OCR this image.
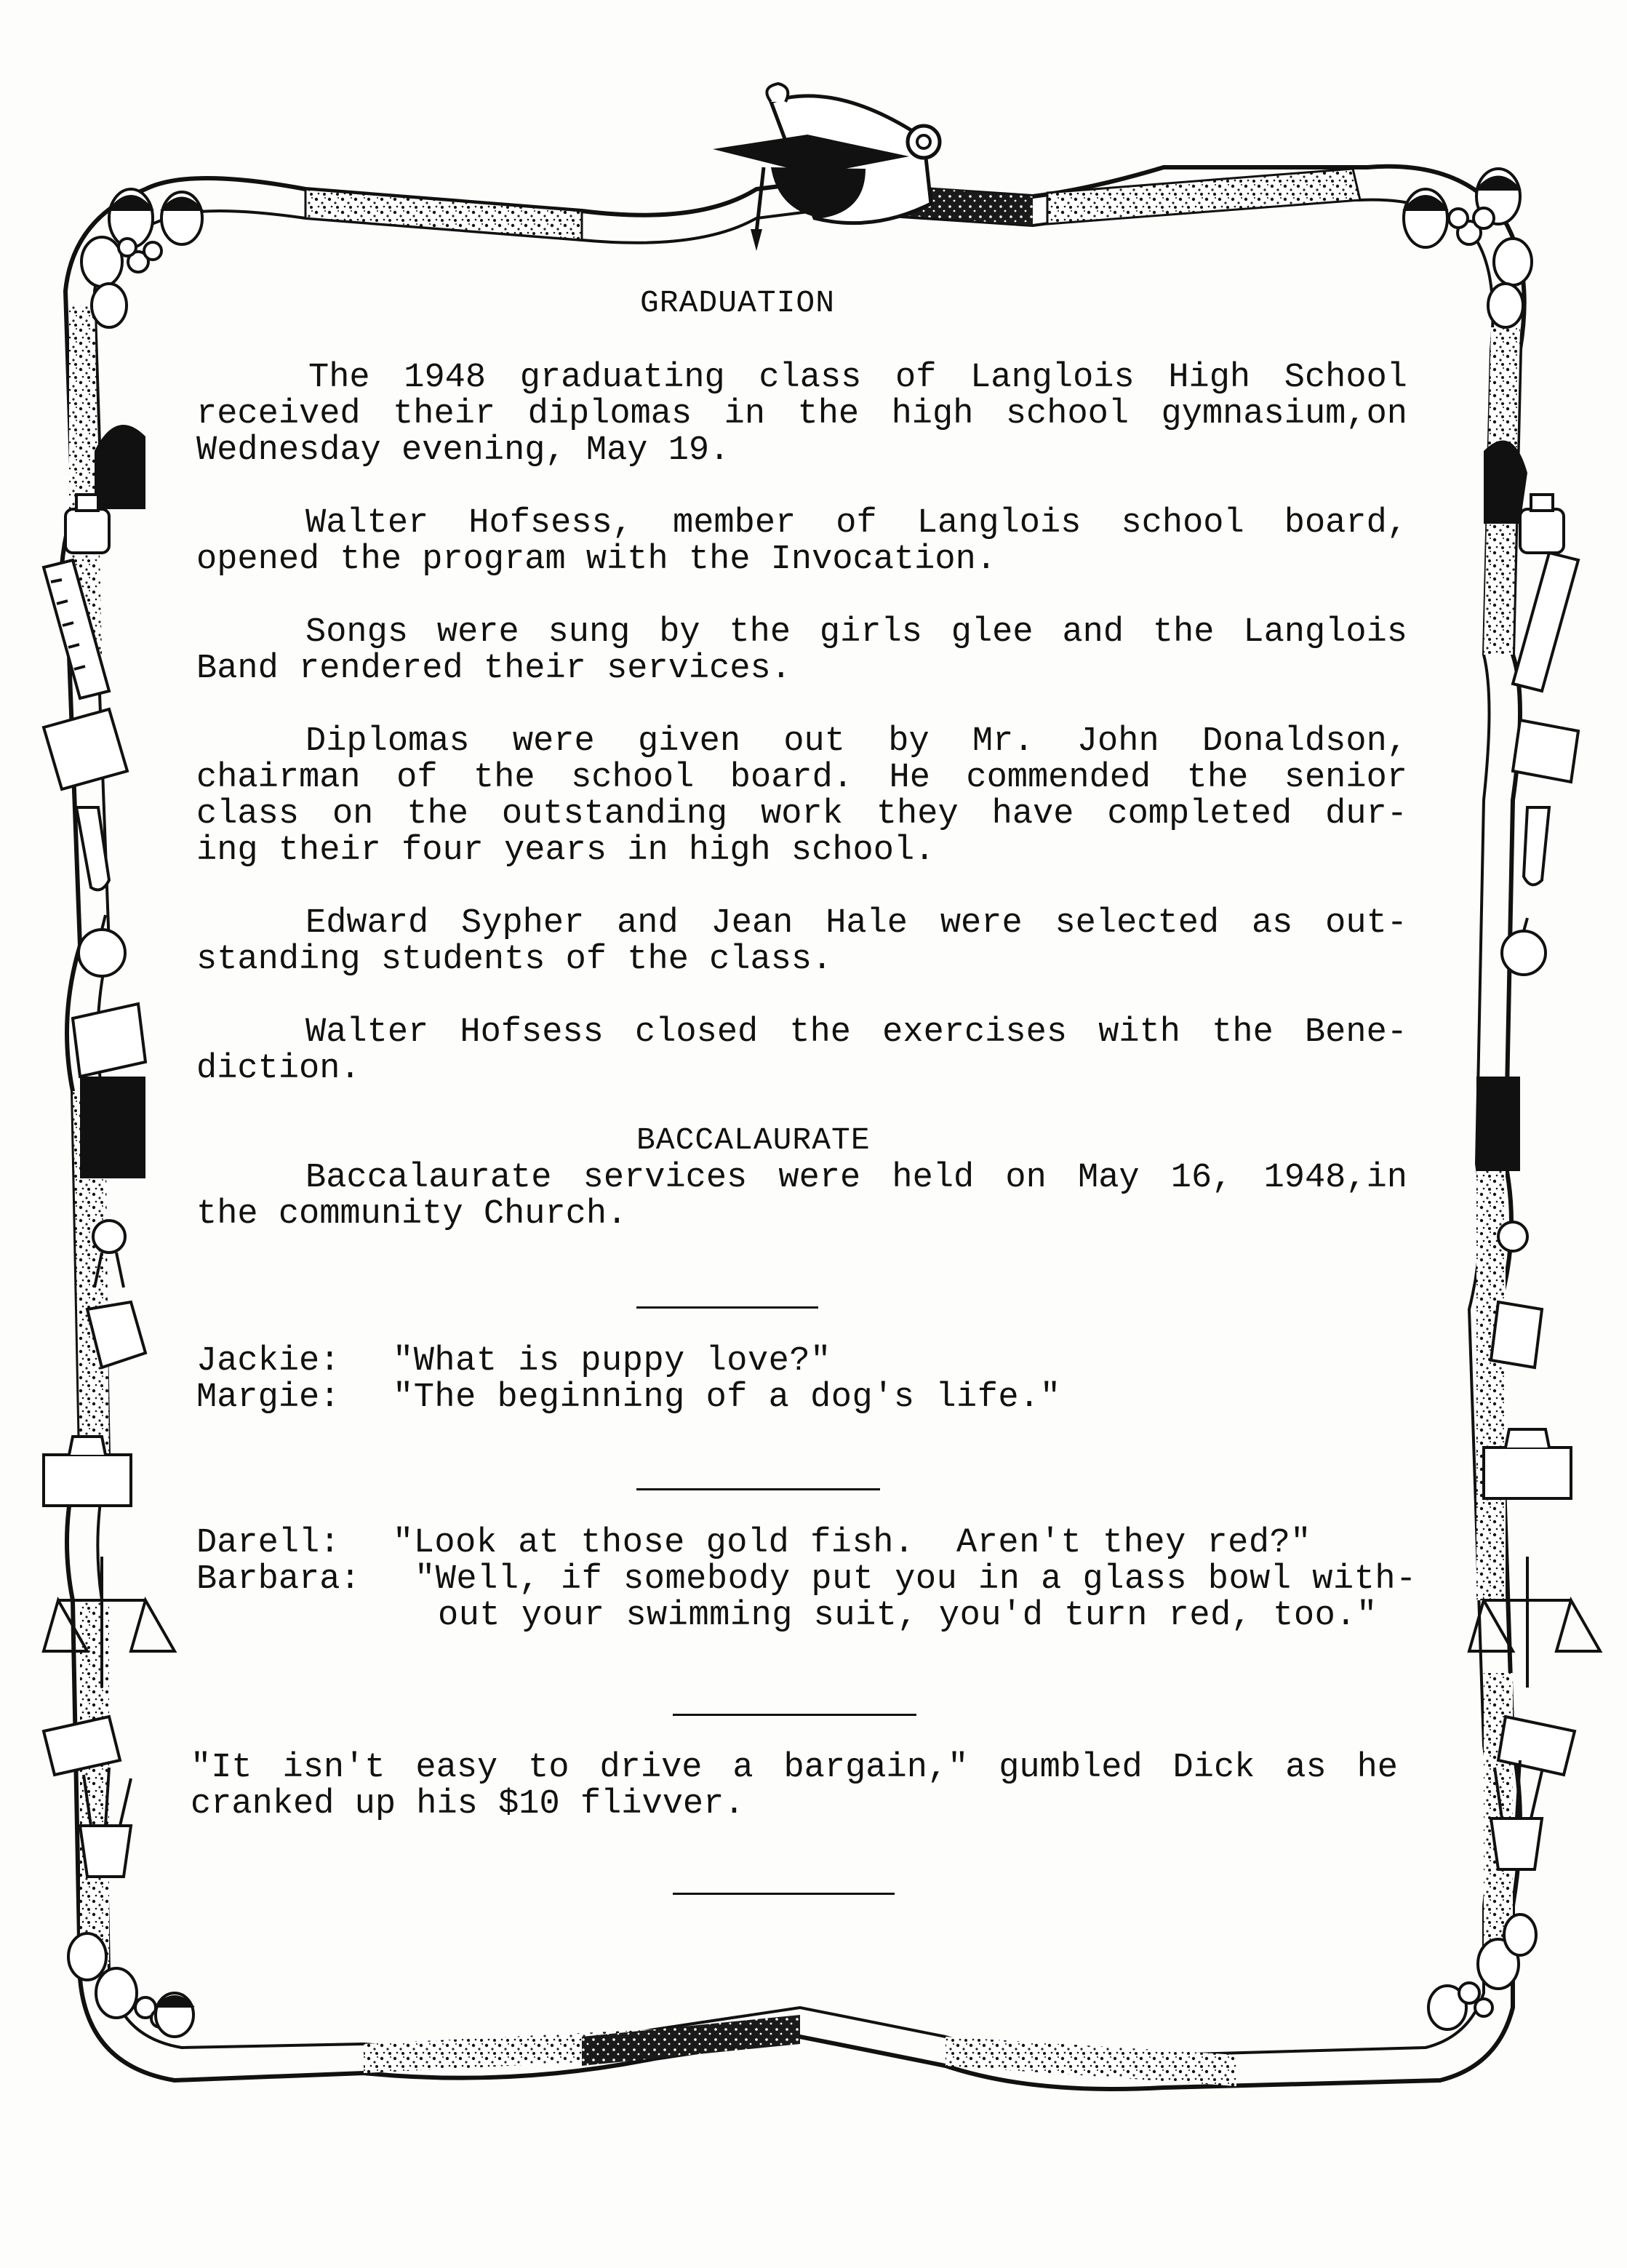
GRADUATION
The 1948 graduating class of Langlois High School
received their diplomas in the high school gymnasium,on
Wednesday evening, May 19.
Walter Hofsess, member of Langlois school board,
opened the program with the Invocation.
Songs were sung by the girls glee and the Langlois
Band rendered their services.
Diplomas were given out by Mr. John Donaldson,
chairman of the school board. He commended the senior
class on the outstanding work they have completed dur-
ing their four years in high school.
Edward Sypher and Jean Hale were selected as out-
standing students of the class.
Walter Hofsess closed the exercises with the Bene-
diction.
BACCALAURATE
Baccalaurate services were held on May 16, 1948,in
the community Church.
Jackie: "What is puppy love?"
Margie: "The beginning of a dog's life."
Darell: "Look at those gold fish.  Aren't they red?"
Barbara: "Well, if somebody put you in a glass bowl with-
out your swimming suit, you'd turn red, too."
"It isn't easy to drive a bargain," gumbled Dick as he
cranked up his $10 flivver.
